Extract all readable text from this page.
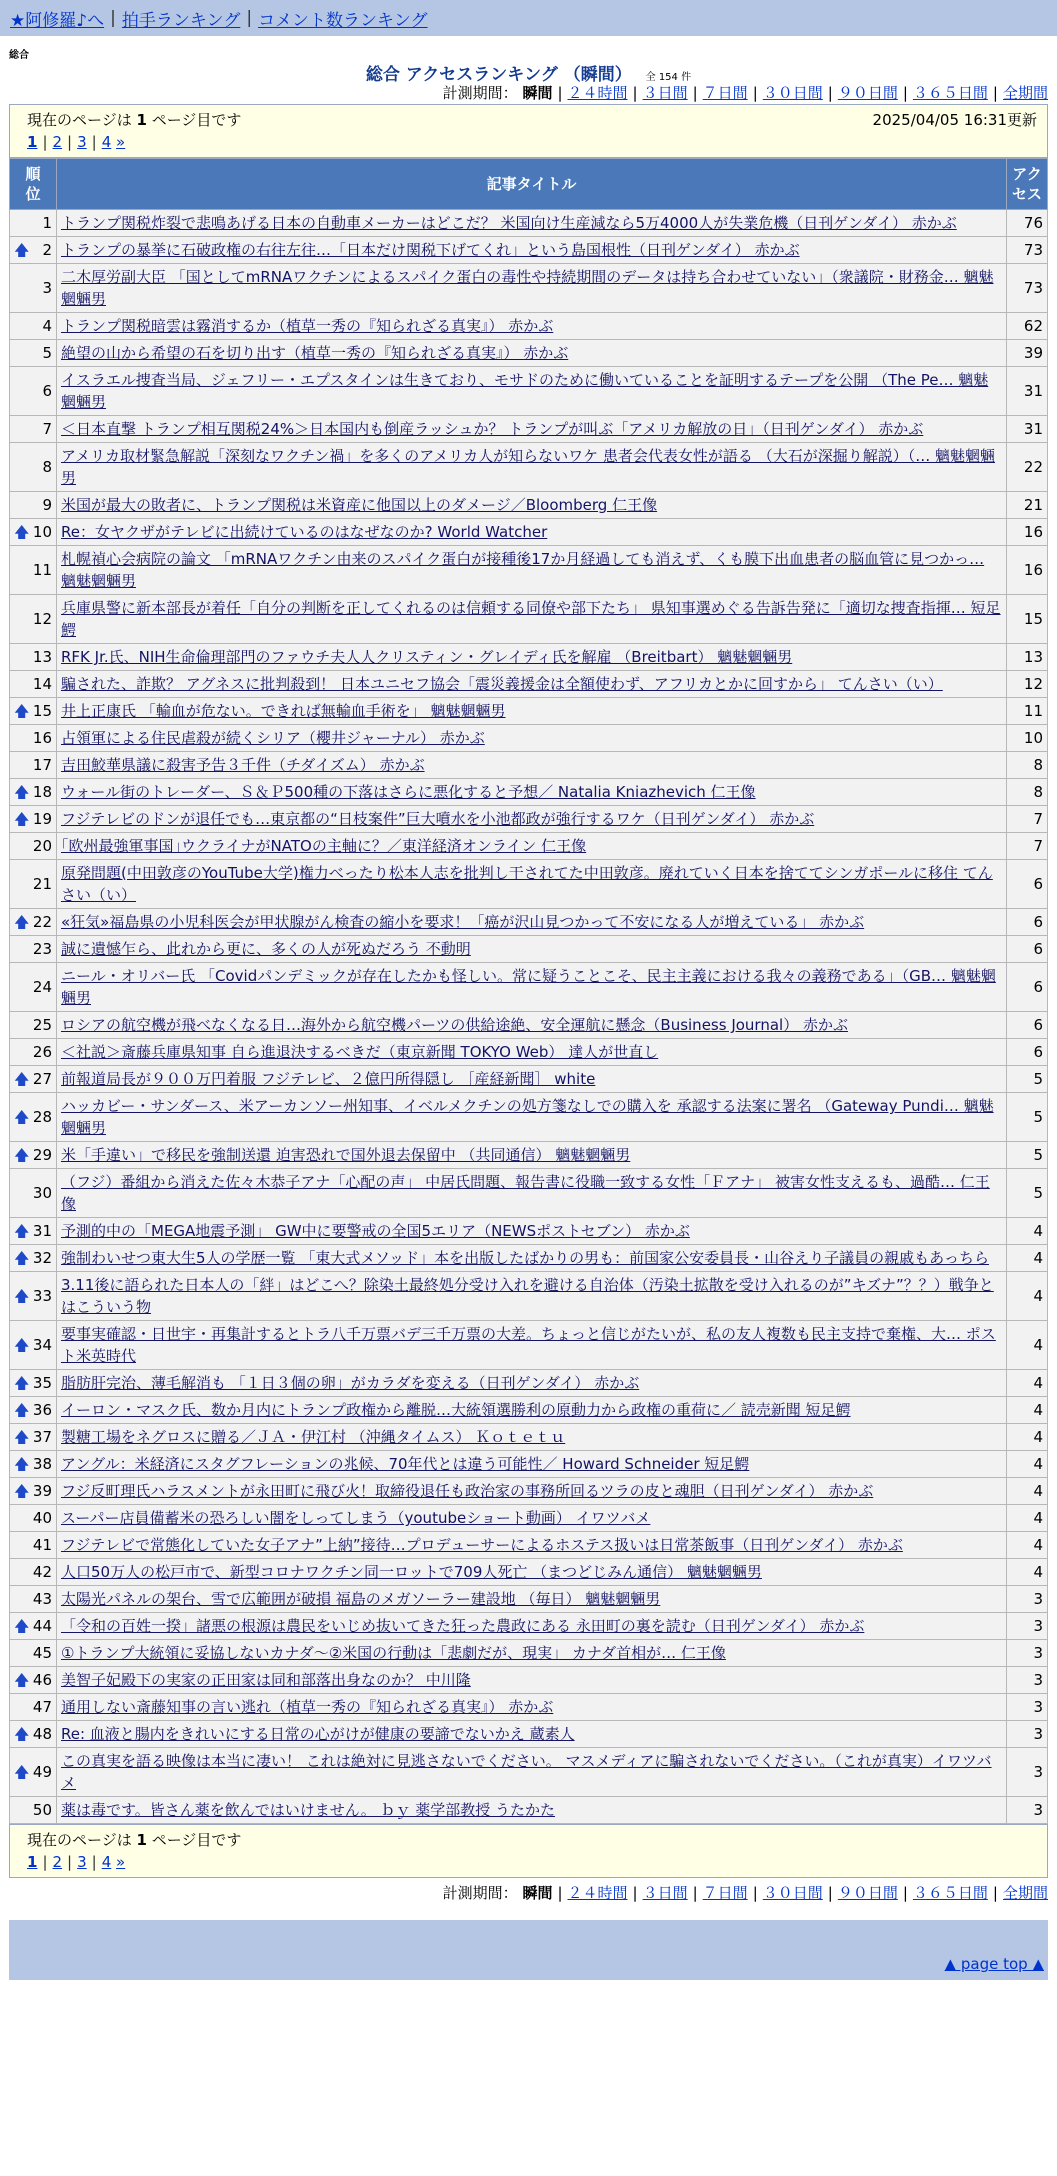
★阿修羅♪へ | 拍手ランキング | コメント数ランキング
総合
総合 アクセスランキング （瞬間） 全 154 件
計測期間： 瞬間 | ２４時間 | ３日間 | ７日間 | ３０日間 | ９０日間 | ３６５日間 | 全期間
現在のページは 1 ページ目です	2025/04/05 16:31更新
1 | 2 | 3 | 4 »
順位	記事タイトル	アクセス
1	トランプ関税炸裂で悲鳴あげる日本の自動車メーカーはどこだ？ 米国向け生産減なら5万4000人が失業危機（日刊ゲンダイ） 赤かぶ	76

🡅 2	トランプの暴挙に石破政権の右往左往…「日本だけ関税下げてくれ」という島国根性（日刊ゲンダイ） 赤かぶ	73
3	二木厚労副大臣 「国としてmRNAワクチンによるスパイク蛋白の毒性や持続期間のデータは持ち合わせていない」（衆議院・財務金… 魑魅魍魎男	73
4	トランプ関税暗雲は霧消するか（植草一秀の『知られざる真実』） 赤かぶ	62
5	絶望の山から希望の石を切り出す（植草一秀の『知られざる真実』） 赤かぶ	39
6	イスラエル捜査当局、ジェフリー・エプスタインは生きており、モサドのために働いていることを証明するテープを公開 （The Pe… 魑魅魍魎男	31
7	＜日本直撃 トランプ相互関税24%＞日本国内も倒産ラッシュか？ トランプが叫ぶ「アメリカ解放の日」（日刊ゲンダイ） 赤かぶ	31
8	アメリカ取材緊急解説「深刻なワクチン禍」を多くのアメリカ人が知らないワケ 患者会代表女性が語る （大石が深掘り解説）（… 魑魅魍魎男	22
9	米国が最大の敗者に、トランプ関税は米資産に他国以上のダメージ／Bloomberg 仁王像	21

🡅 10	Re：女ヤクザがテレビに出続けているのはなぜなのか? World Watcher	16
11	札幌禎心会病院の論文 「mRNAワクチン由来のスパイク蛋白が接種後17か月経過しても消えず、くも膜下出血患者の脳血管に見つかっ… 魑魅魍魎男	16
12	兵庫県警に新本部長が着任「自分の判断を正してくれるのは信頼する同僚や部下たち」 県知事選めぐる告訴告発に「適切な捜査指揮… 短足鰐	15
13	RFK Jr.氏、NIH生命倫理部門のファウチ夫人人クリスティン・グレイディ氏を解雇 （Breitbart） 魑魅魍魎男	13
14	騙された、詐欺？ アグネスに批判殺到！ 日本ユニセフ協会「震災義援金は全額使わず、アフリカとかに回すから」 てんさい（い）	12

🡅 15	井上正康氏 「輸血が危ない。できれば無輸血手術を」 魑魅魍魎男	11
16	占領軍による住民虐殺が続くシリア（櫻井ジャーナル） 赤かぶ	10
17	吉田鮫華県議に殺害予告３千件（チダイズム） 赤かぶ	8

🡅 18	ウォール街のトレーダー、Ｓ＆Ｐ500種の下落はさらに悪化すると予想／ Natalia Kniazhevich 仁王像	8

🡅 19	フジテレビのドンが退任でも…東京都の“日枝案件”巨大噴水を小池都政が強行するワケ（日刊ゲンダイ） 赤かぶ	7
20	｢欧州最強軍事国｣ウクライナがNATOの主軸に？／東洋経済オンライン 仁王像	7
21	原発問題(中田敦彦のYouTube大学)権力べったり松本人志を批判し干されてた中田敦彦。廃れていく日本を捨ててシンガポールに移住 てんさい（い）	6

🡅 22	«狂気»福島県の小児科医会が甲状腺がん検査の縮小を要求！「癌が沢山見つかって不安になる人が増えている」 赤かぶ	6
23	誠に遺憾乍ら、此れから更に、多くの人が死ぬだろう 不動明	6
24	ニール・オリバー氏 「Covidパンデミックが存在したかも怪しい。常に疑うことこそ、民主主義における我々の義務である」（GB… 魑魅魍魎男	6
25	ロシアの航空機が飛べなくなる日…海外から航空機パーツの供給途絶、安全運航に懸念（Business Journal） 赤かぶ	6
26	＜社説＞斎藤兵庫県知事 自ら進退決するべきだ（東京新聞 TOKYO Web） 達人が世直し	6

🡅 27	前報道局長が９００万円着服 フジテレビ、２億円所得隠し ［産経新聞］ white	5

🡅 28	ハッカビー・サンダース、米アーカンソー州知事、イベルメクチンの処方箋なしでの購入を 承認する法案に署名 （Gateway Pundi… 魑魅魍魎男	5

🡅 29	米「手違い」で移民を強制送還 迫害恐れで国外退去保留中 （共同通信） 魑魅魍魎男	5
30	（フジ）番組から消えた佐々木恭子アナ「心配の声」 中居氏問題、報告書に役職一致する女性「Ｆアナ」 被害女性支えるも、過酷… 仁王像	5

🡅 31	予測的中の「MEGA地震予測」 GW中に要警戒の全国5エリア（NEWSポストセブン） 赤かぶ	4

🡅 32	強制わいせつ東大生5人の学歴一覧 「東大式メソッド」本を出版したばかりの男も：前国家公安委員長・山谷えり子議員の親戚もあっちら	4

🡅 33	3.11後に語られた日本人の「絆」はどこへ？除染土最終処分受け入れを避ける自治体（汚染土拡散を受け入れるのが”キズナ”？？）戦争とはこういう物	4

🡅 34	要事実確認・日世宇・再集計するとトラ八千万票バデ三千万票の大差。ちょっと信じがたいが、私の友人複数も民主支持で棄権、大… ポスト米英時代	4

🡅 35	脂肪肝完治、薄毛解消も 「１日３個の卵」がカラダを変える（日刊ゲンダイ） 赤かぶ	4

🡅 36	イーロン・マスク氏、数か月内にトランプ政権から離脱…大統領選勝利の原動力から政権の重荷に／ 読売新聞 短足鰐	4

🡅 37	製糖工場をネグロスに贈る／ＪＡ・伊江村 （沖縄タイムス） Ｋｏｔｅｔｕ	4

🡅 38	アングル：米経済にスタグフレーションの兆候、70年代とは違う可能性／ Howard Schneider 短足鰐	4

🡅 39	フジ反町理氏ハラスメントが永田町に飛び火！取締役退任も政治家の事務所回るツラの皮と魂胆（日刊ゲンダイ） 赤かぶ	4
40	スーパー店員備蓄米の恐ろしい闇をしってしまう（youtubeショート動画） イワツバメ	4
41	フジテレビで常態化していた女子アナ”上納”接待…プロデューサーによるホステス扱いは日常茶飯事（日刊ゲンダイ） 赤かぶ	4
42	人口50万人の松戸市で、新型コロナワクチン同一ロットで709人死亡 （まつどじみん通信） 魑魅魍魎男	4
43	太陽光パネルの架台、雪で広範囲が破損 福島のメガソーラー建設地 （毎日） 魑魅魍魎男	3

🡅 44	「令和の百姓一揆」諸悪の根源は農民をいじめ抜いてきた狂った農政にある 永田町の裏を読む（日刊ゲンダイ） 赤かぶ	3
45	①トランプ大統領に妥協しないカナダ〜②米国の行動は「悲劇だが、現実」 カナダ首相が… 仁王像	3

🡅 46	美智子妃殿下の実家の正田家は同和部落出身なのか？ 中川隆	3
47	通用しない斎藤知事の言い逃れ（植草一秀の『知られざる真実』） 赤かぶ	3

🡅 48	Re: 血液と腸内をきれいにする日常の心がけが健康の要諦でないかえ 蔵素人	3

🡅 49	この真実を語る映像は本当に凄い！ これは絶対に見逃さないでください。 マスメディアに騙されないでください。（これが真実）イワツバメ	3
50	薬は毒です。皆さん薬を飲んではいけません。 ｂｙ 薬学部教授 うたかた	3
現在のページは 1 ページ目です
1 | 2 | 3 | 4 »
計測期間： 瞬間 | ２４時間 | ３日間 | ７日間 | ３０日間 | ９０日間 | ３６５日間 | 全期間
▲ page top ▲
